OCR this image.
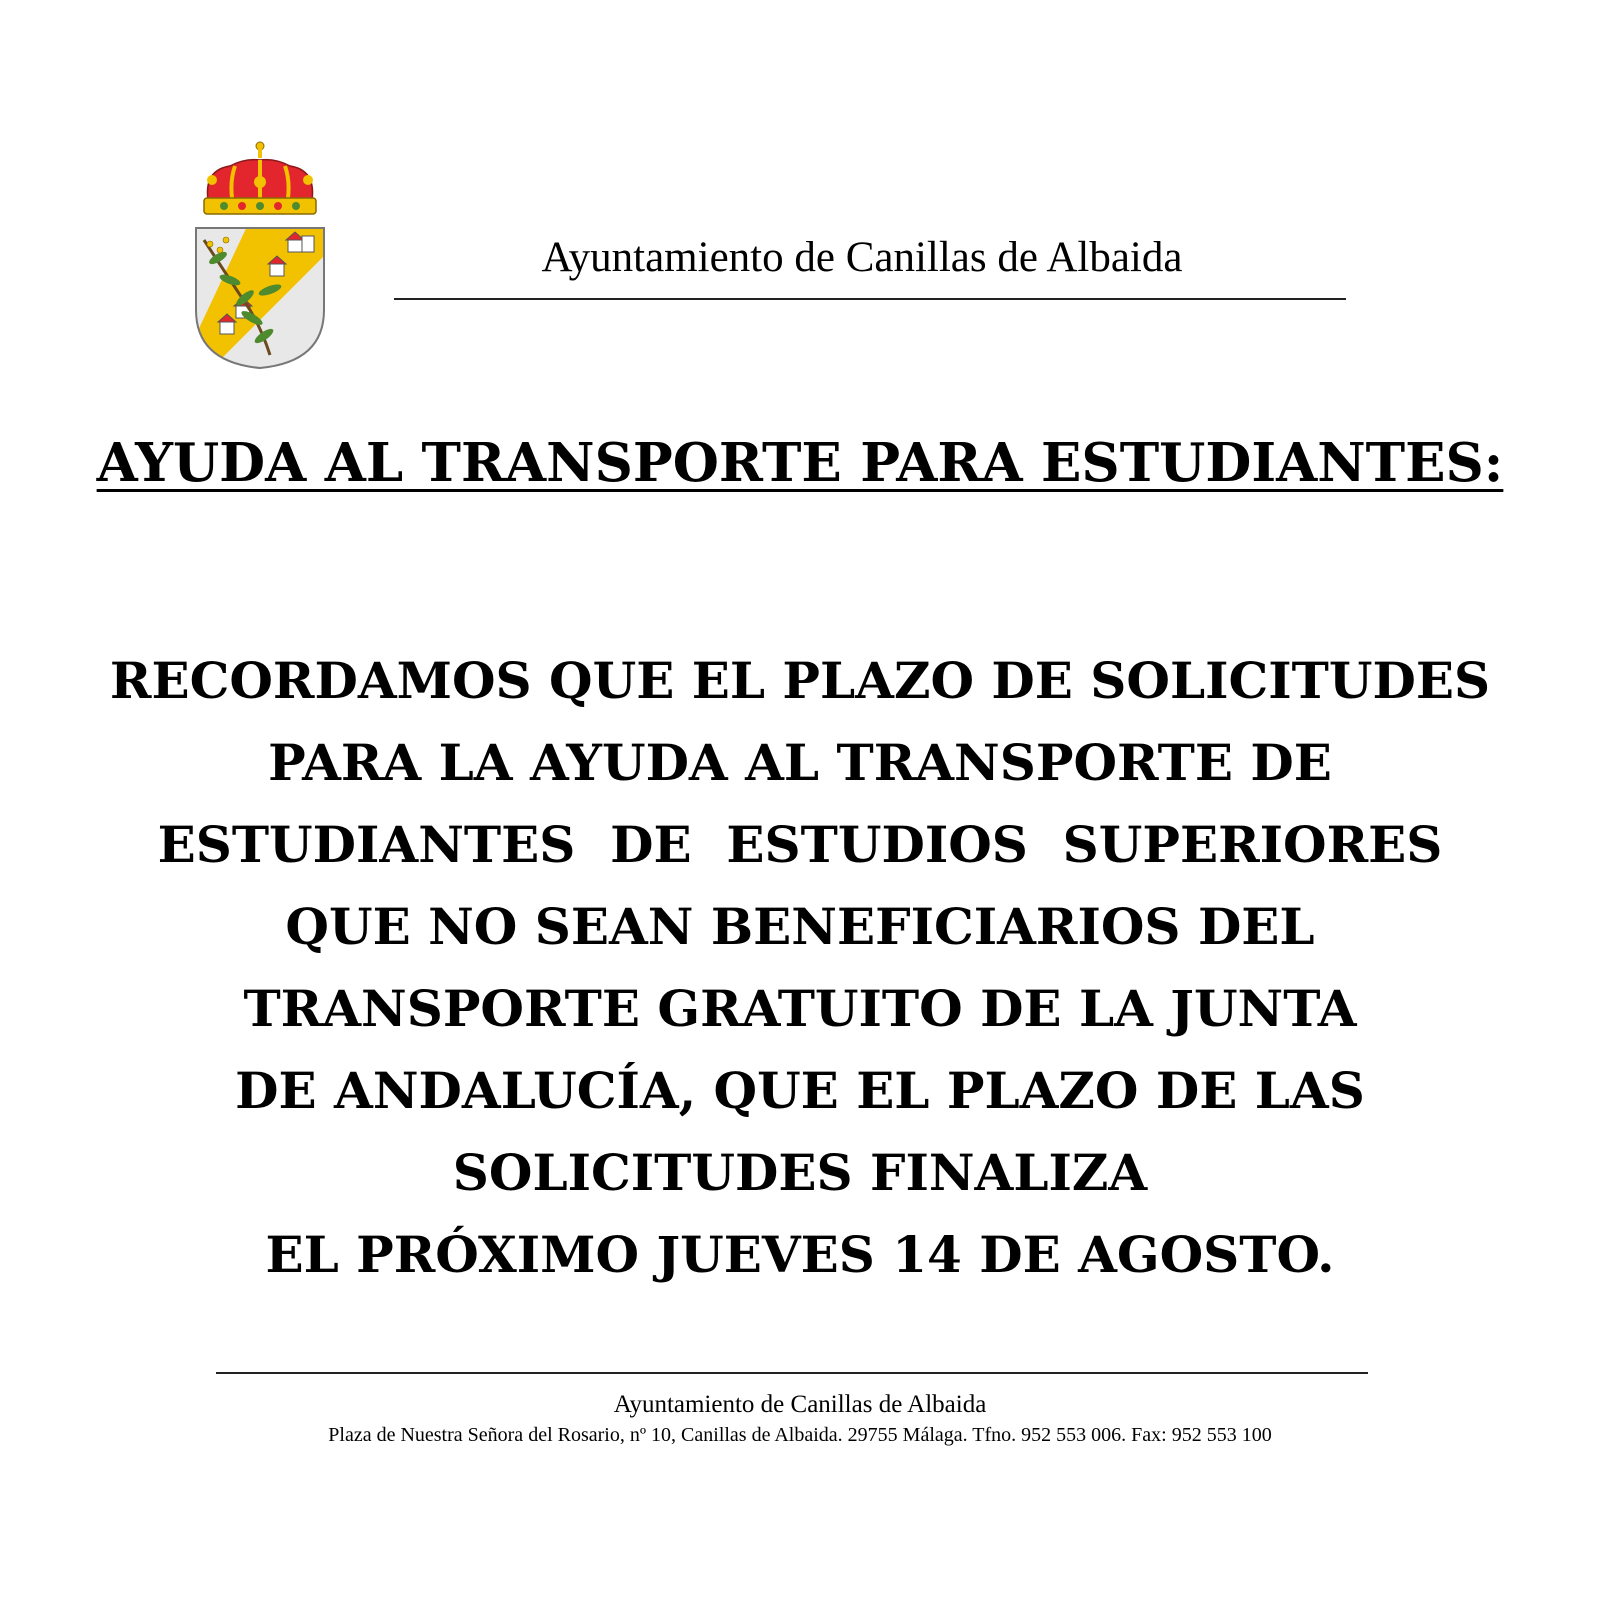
Ayuntamiento de Canillas de Albaida
AYUDA AL TRANSPORTE PARA ESTUDIANTES:
RECORDAMOS QUE EL PLAZO DE SOLICITUDES
PARA LA AYUDA AL TRANSPORTE DE
ESTUDIANTES  DE  ESTUDIOS  SUPERIORES
QUE NO SEAN BENEFICIARIOS DEL
TRANSPORTE GRATUITO DE LA JUNTA
DE ANDALUCÍA, QUE EL PLAZO DE LAS
SOLICITUDES FINALIZA
EL PRÓXIMO JUEVES 14 DE AGOSTO.
Ayuntamiento de Canillas de Albaida
Plaza de Nuestra Señora del Rosario, nº 10, Canillas de Albaida. 29755 Málaga. Tfno. 952 553 006. Fax: 952 553 100
